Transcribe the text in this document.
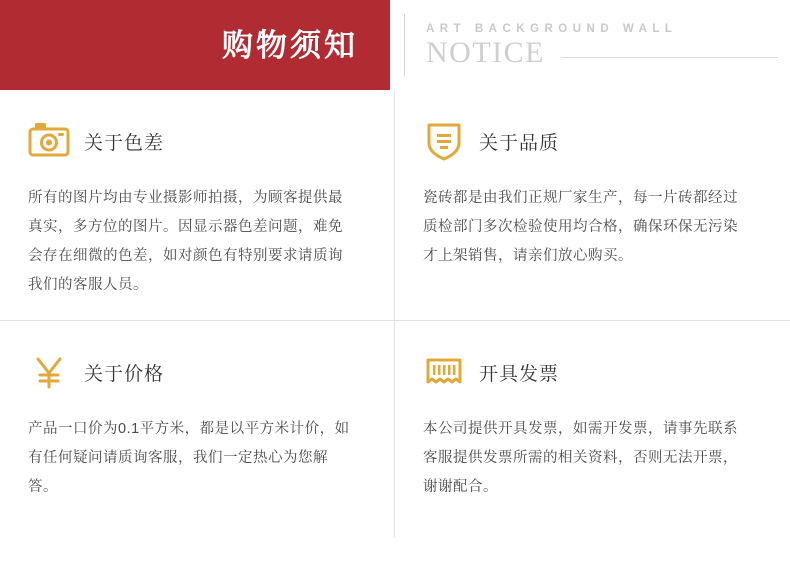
购物须知	ART BACKGROUND WALL
NOTICE
关于色差
所有的图片均由专业摄影师拍摄，为顾客提供最真实，多方位的图片。因显示器色差问题，难免会存在细微的色差，如对颜色有特别要求请质询我们的客服人员。
关于品质
瓷砖都是由我们正规厂家生产，每一片砖都经过质检部门多次检验使用均合格，确保环保无污染才上架销售，请亲们放心购买。
关于价格
产品一口价为0.1平方米，都是以平方米计价，如有任何疑问请质询客服，我们一定热心为您解答。
开具发票
本公司提供开具发票，如需开发票，请事先联系客服提供发票所需的相关资料，否则无法开票，谢谢配合。
